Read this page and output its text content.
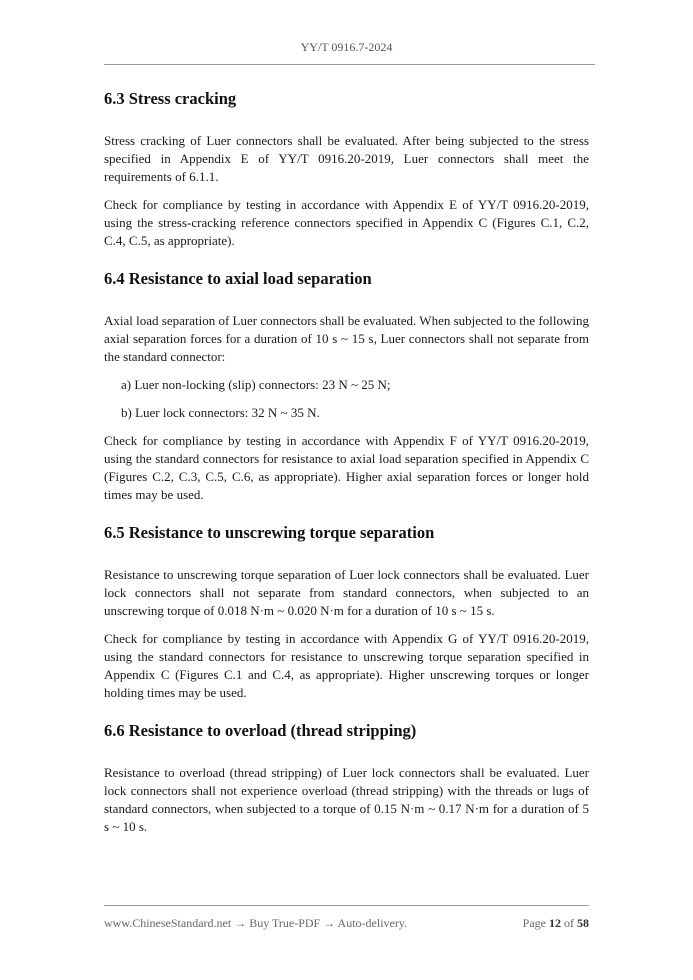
YY/T 0916.7-2024
6.3 Stress cracking

Stress cracking of Luer connectors shall be evaluated. After being subjected to the stress specified in Appendix E of YY/T 0916.20-2019, Luer connectors shall meet the requirements of 6.1.1.

Check for compliance by testing in accordance with Appendix E of YY/T 0916.20-2019, using the stress-cracking reference connectors specified in Appendix C (Figures C.1, C.2, C.4, C.5, as appropriate).

6.4 Resistance to axial load separation

Axial load separation of Luer connectors shall be evaluated. When subjected to the following axial separation forces for a duration of 10 s ~ 15 s, Luer connectors shall not separate from the standard connector:

a) Luer non-locking (slip) connectors: 23 N ~ 25 N;

b) Luer lock connectors: 32 N ~ 35 N.

Check for compliance by testing in accordance with Appendix F of YY/T 0916.20-2019, using the standard connectors for resistance to axial load separation specified in Appendix C (Figures C.2, C.3, C.5, C.6, as appropriate). Higher axial separation forces or longer hold times may be used.

6.5 Resistance to unscrewing torque separation

Resistance to unscrewing torque separation of Luer lock connectors shall be evaluated. Luer lock connectors shall not separate from standard connectors, when subjected to an unscrewing torque of 0.018 N·m ~ 0.020 N·m for a duration of 10 s ~ 15 s.

Check for compliance by testing in accordance with Appendix G of YY/T 0916.20-2019, using the standard connectors for resistance to unscrewing torque separation specified in Appendix C (Figures C.1 and C.4, as appropriate). Higher unscrewing torques or longer holding times may be used.

6.6 Resistance to overload (thread stripping)

Resistance to overload (thread stripping) of Luer lock connectors shall be evaluated. Luer lock connectors shall not experience overload (thread stripping) with the threads or lugs of standard connectors, when subjected to a torque of 0.15 N·m ~ 0.17 N·m for a duration of 5 s ~ 10 s.

www.ChineseStandard.net → Buy True-PDF → Auto-delivery.	Page 12 of 58
